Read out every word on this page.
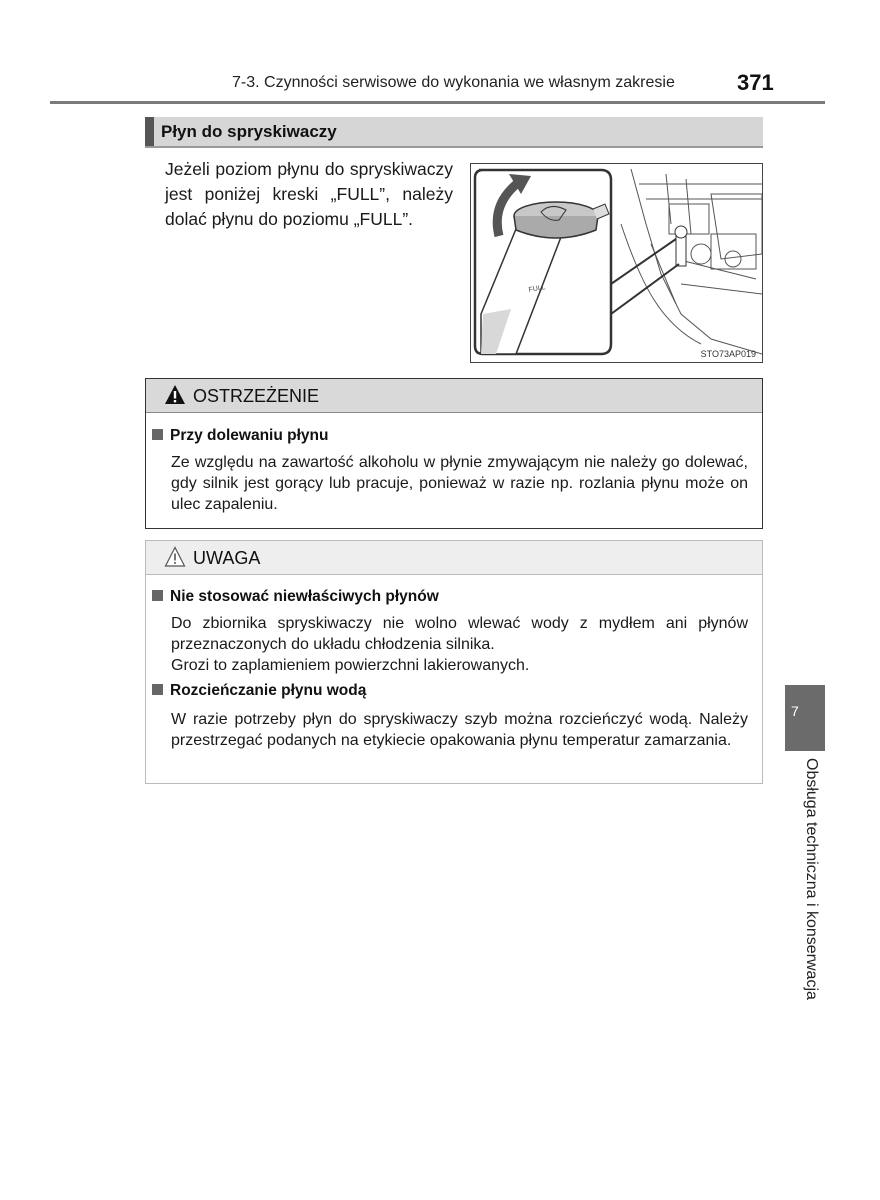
7-3. Czynności serwisowe do wykonania we własnym zakresie	371
Płyn do spryskiwaczy
Jeżeli poziom płynu do spryskiwaczy jest poniżej kreski „FULL”, należy dolać płynu do poziomu „FULL”.
FULL
STO73AP019
OSTRZEŻENIE
Przy dolewaniu płynu
Ze względu na zawartość alkoholu w płynie zmywającym nie należy go dolewać, gdy silnik jest gorący lub pracuje, ponieważ w razie np. rozlania płynu może on ulec zapaleniu.
UWAGA
Nie stosować niewłaściwych płynów
Do zbiornika spryskiwaczy nie wolno wlewać wody z mydłem ani płynów przeznaczonych do układu chłodzenia silnika.
Grozi to zaplamieniem powierzchni lakierowanych.
Rozcieńczanie płynu wodą
W razie potrzeby płyn do spryskiwaczy szyb można rozcieńczyć wodą. Należy przestrzegać podanych na etykiecie opakowania płynu temperatur zamarzania.
7
Obsługa techniczna i konserwacja
